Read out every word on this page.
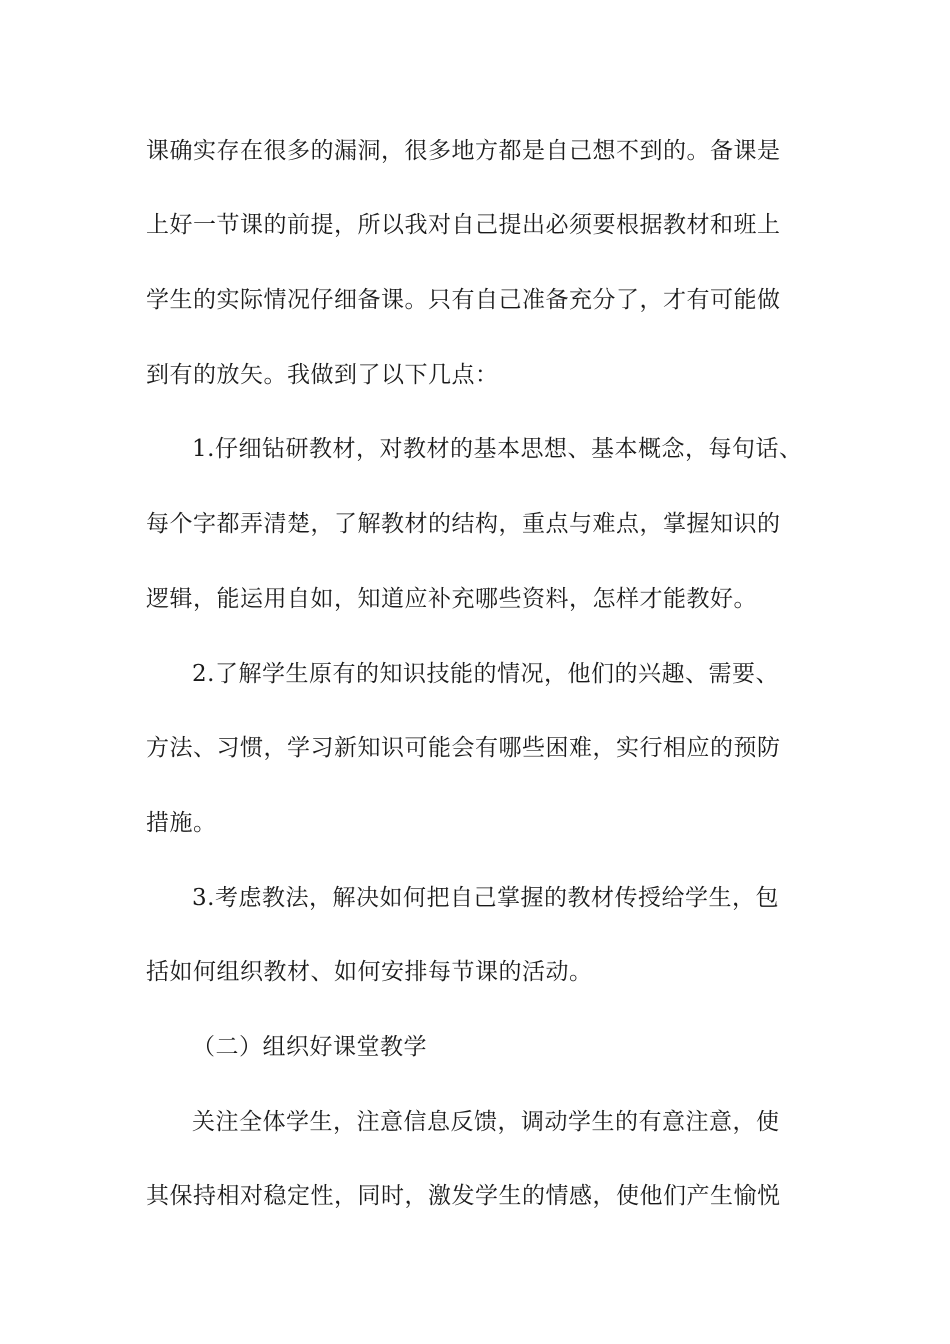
课确实存在很多的漏洞，很多地方都是自己想不到的。备课是
上好一节课的前提，所以我对自己提出必须要根据教材和班上
学生的实际情况仔细备课。只有自己准备充分了，才有可能做
到有的放矢。我做到了以下几点：
1.仔细钻研教材，对教材的基本思想、基本概念，每句话、
每个字都弄清楚，了解教材的结构，重点与难点，掌握知识的
逻辑，能运用自如，知道应补充哪些资料，怎样才能教好。
2.了解学生原有的知识技能的情况，他们的兴趣、需要、
方法、习惯，学习新知识可能会有哪些困难，实行相应的预防
措施。
3.考虑教法，解决如何把自己掌握的教材传授给学生，包
括如何组织教材、如何安排每节课的活动。
（二）组织好课堂教学
关注全体学生，注意信息反馈，调动学生的有意注意，使
其保持相对稳定性，同时，激发学生的情感，使他们产生愉悦
